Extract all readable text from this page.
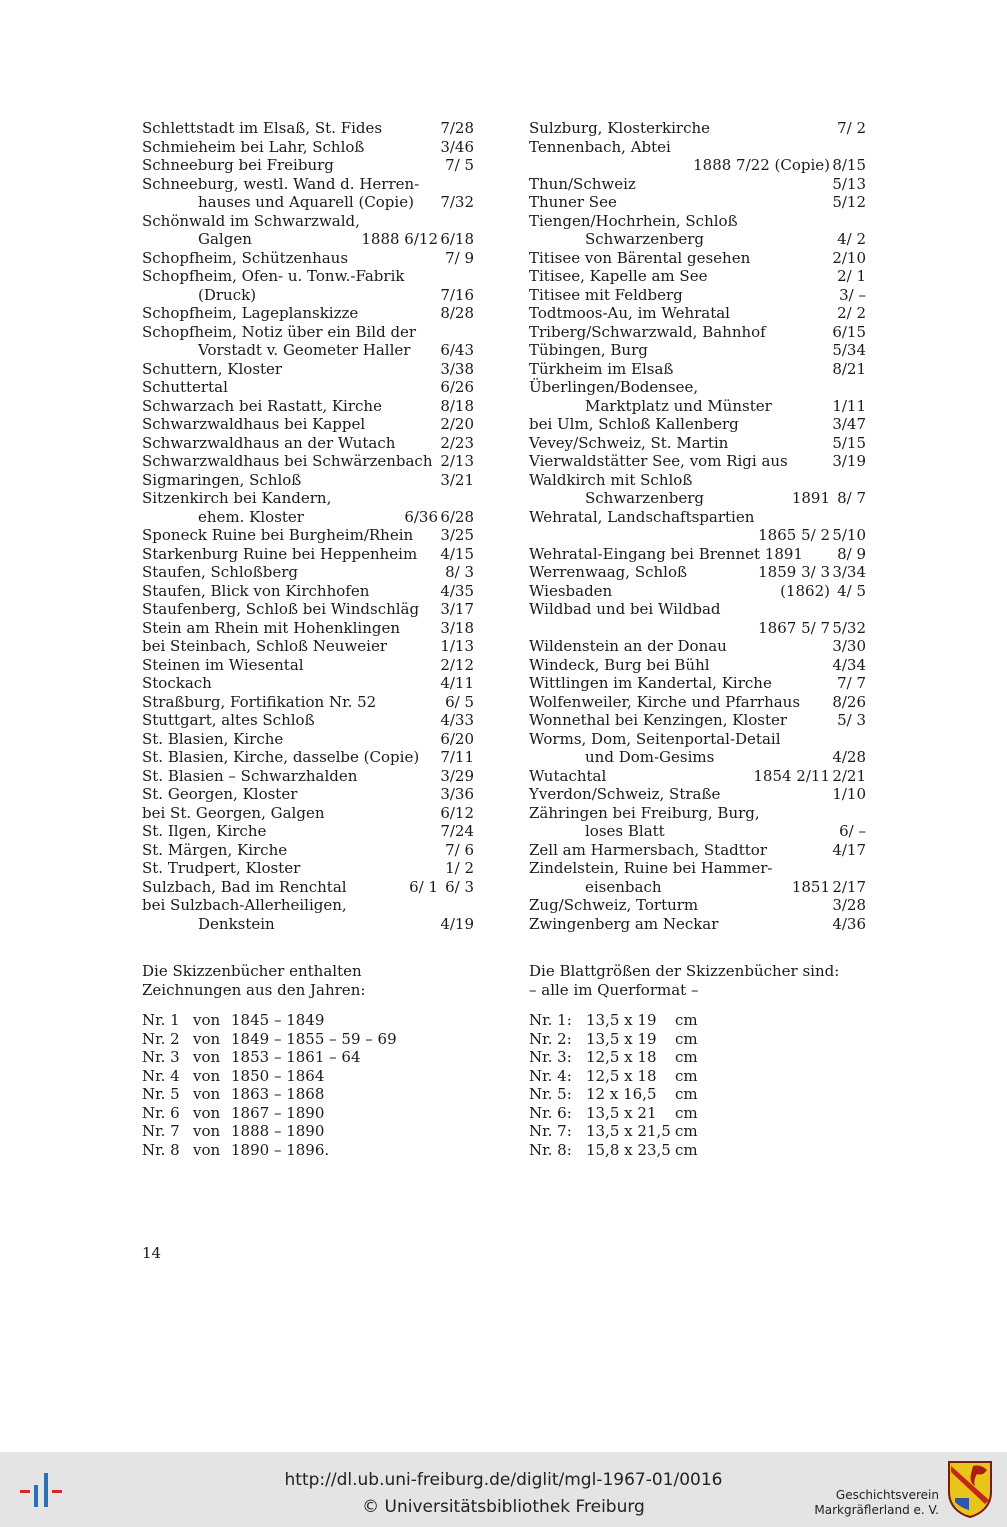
Schlettstadt im Elsaß, St. Fides	7/28
Schmieheim bei Lahr, Schloß	3/46
Schneeburg bei Freiburg	7/ 5
Schneeburg, westl. Wand d. Herren-
hauses und Aquarell (Copie) 7/32
Schönwald im Schwarzwald,
Galgen	1888 6/12 6/18
Schopfheim, Schützenhaus	7/ 9
Schopfheim, Ofen- u. Tonw.-Fabrik
(Druck)	7/16
Schopfheim, Lageplanskizze	8/28
Schopfheim, Notiz über ein Bild der
Vorstadt v. Geometer Haller 6/43
Schuttern, Kloster	3/38
Schuttertal	6/26
Schwarzach bei Rastatt, Kirche	8/18
Schwarzwaldhaus bei Kappel	2/20
Schwarzwaldhaus an der Wutach	2/23
Schwarzwaldhaus bei Schwärzenbach 2/13
Sigmaringen, Schloß	3/21
Sitzenkirch bei Kandern,
ehem. Kloster	6/36 6/28
Sponeck Ruine bei Burgheim/Rhein 3/25
Starkenburg Ruine bei Heppenheim 4/15
Staufen, Schloßberg	8/ 3
Staufen, Blick von Kirchhofen	4/35
Staufenberg, Schloß bei Windschläg 3/17
Stein am Rhein mit Hohenklingen	3/18
bei Steinbach, Schloß Neuweier	1/13
Steinen im Wiesental	2/12
Stockach	4/11
Straßburg, Fortifikation Nr. 52	6/ 5
Stuttgart, altes Schloß	4/33
St. Blasien, Kirche	6/20
St. Blasien, Kirche, dasselbe (Copie) 7/11
St. Blasien – Schwarzhalden	3/29
St. Georgen, Kloster	3/36
bei St. Georgen, Galgen	6/12
St. Ilgen, Kirche	7/24
St. Märgen, Kirche	7/ 6
St. Trudpert, Kloster	1/ 2
Sulzbach, Bad im Renchtal	6/ 1 6/ 3
bei Sulzbach-Allerheiligen,
Denkstein	4/19
Sulzburg, Klosterkirche	7/ 2
Tennenbach, Abtei
1888 7/22 (Copie) 8/15
Thun/Schweiz	5/13
Thuner See	5/12
Tiengen/Hochrhein, Schloß
Schwarzenberg	4/ 2
Titisee von Bärental gesehen	2/10
Titisee, Kapelle am See	2/ 1
Titisee mit Feldberg	3/ –
Todtmoos-Au, im Wehratal	2/ 2
Triberg/Schwarzwald, Bahnhof	6/15
Tübingen, Burg	5/34
Türkheim im Elsaß	8/21
Überlingen/Bodensee,
Marktplatz und Münster	1/11
bei Ulm, Schloß Kallenberg	3/47
Vevey/Schweiz, St. Martin	5/15
Vierwaldstätter See, vom Rigi aus	3/19
Waldkirch mit Schloß
Schwarzenberg	1891 8/ 7
Wehratal, Landschaftspartien
1865 5/ 2 5/10
Wehratal-Eingang bei Brennet 1891 8/ 9
Werrenwaag, Schloß	1859 3/ 3 3/34
Wiesbaden	(1862) 4/ 5
Wildbad und bei Wildbad
1867 5/ 7 5/32
Wildenstein an der Donau	3/30
Windeck, Burg bei Bühl	4/34
Wittlingen im Kandertal, Kirche	7/ 7
Wolfenweiler, Kirche und Pfarrhaus 8/26
Wonnethal bei Kenzingen, Kloster	5/ 3
Worms, Dom, Seitenportal-Detail
und Dom-Gesims	4/28
Wutachtal	1854 2/11 2/21
Yverdon/Schweiz, Straße	1/10
Zähringen bei Freiburg, Burg,
loses Blatt	6/ –
Zell am Harmersbach, Stadttor	4/17
Zindelstein, Ruine bei Hammer-
eisenbach	1851 2/17
Zug/Schweiz, Torturm	3/28
Zwingenberg am Neckar	4/36
Die Skizzenbücher enthalten
Zeichnungen aus den Jahren:
Nr. 1 von 1845 – 1849
Nr. 2 von 1849 – 1855 – 59 – 69
Nr. 3 von 1853 – 1861 – 64
Nr. 4 von 1850 – 1864
Nr. 5 von 1863 – 1868
Nr. 6 von 1867 – 1890
Nr. 7 von 1888 – 1890
Nr. 8 von 1890 – 1896.
Die Blattgrößen der Skizzenbücher sind:
– alle im Querformat –
Nr. 1: 13,5 x 19 cm
Nr. 2: 13,5 x 19 cm
Nr. 3: 12,5 x 18 cm
Nr. 4: 12,5 x 18 cm
Nr. 5: 12 x 16,5 cm
Nr. 6: 13,5 x 21 cm
Nr. 7: 13,5 x 21,5 cm
Nr. 8: 15,8 x 23,5 cm
14
http://dl.ub.uni-freiburg.de/diglit/mgl-1967-01/0016
© Universitätsbibliothek Freiburg
Geschichtsverein
Markgräflerland e. V.
